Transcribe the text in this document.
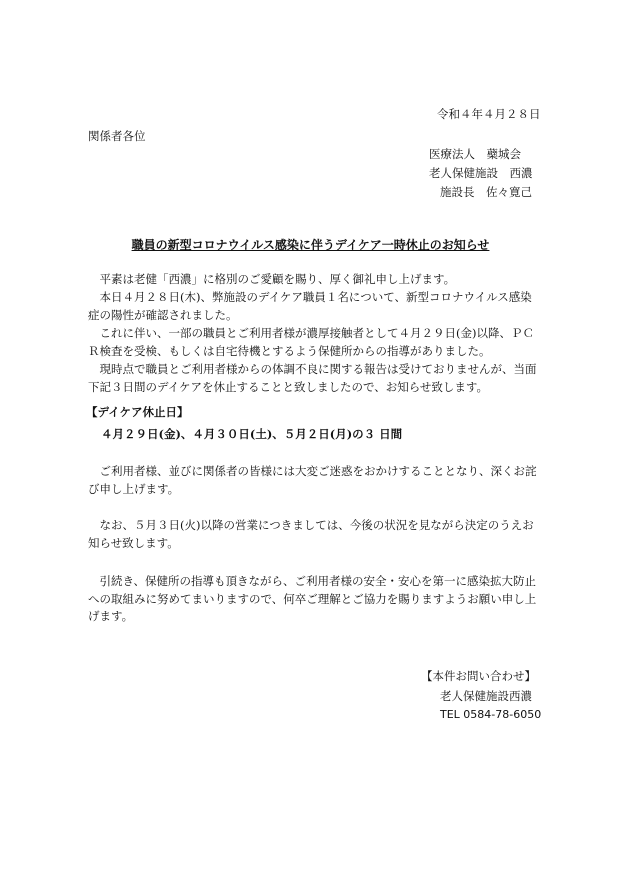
令和４年４月２８日
関係者各位
医療法人　蘗城会
老人保健施設　西濃
施設長　佐々寛己
職員の新型コロナウイルス感染に伴うデイケア一時休止のお知らせ

平素は老健「西濃」に格別のご愛顧を賜り、厚く御礼申し上げます。

本日４月２８日(木)、弊施設のデイケア職員１名について、新型コロナウイルス感染症の陽性が確認されました。

これに伴い、一部の職員とご利用者様が濃厚接触者として４月２９日(金)以降、ＰＣＲ検査を受検、もしくは自宅待機とするよう保健所からの指導がありました。

現時点で職員とご利用者様からの体調不良に関する報告は受けておりませんが、当面下記３日間のデイケアを休止することと致しましたので、お知らせ致します。

【デイケア休止日】
４月２９日(金)、４月３０日(土)、５月２日(月)の３ 日間

ご利用者様、並びに関係者の皆様には大変ご迷惑をおかけすることとなり、深くお詫び申し上げます。

なお、５月３日(火)以降の営業につきましては、今後の状況を見ながら決定のうえお知らせ致します。

引続き、保健所の指導も頂きながら、ご利用者様の安全・安心を第一に感染拡大防止への取組みに努めてまいりますので、何卒ご理解とご協力を賜りますようお願い申し上げます。

【本件お問い合わせ】
老人保健施設西濃
TEL 0584-78-6050
